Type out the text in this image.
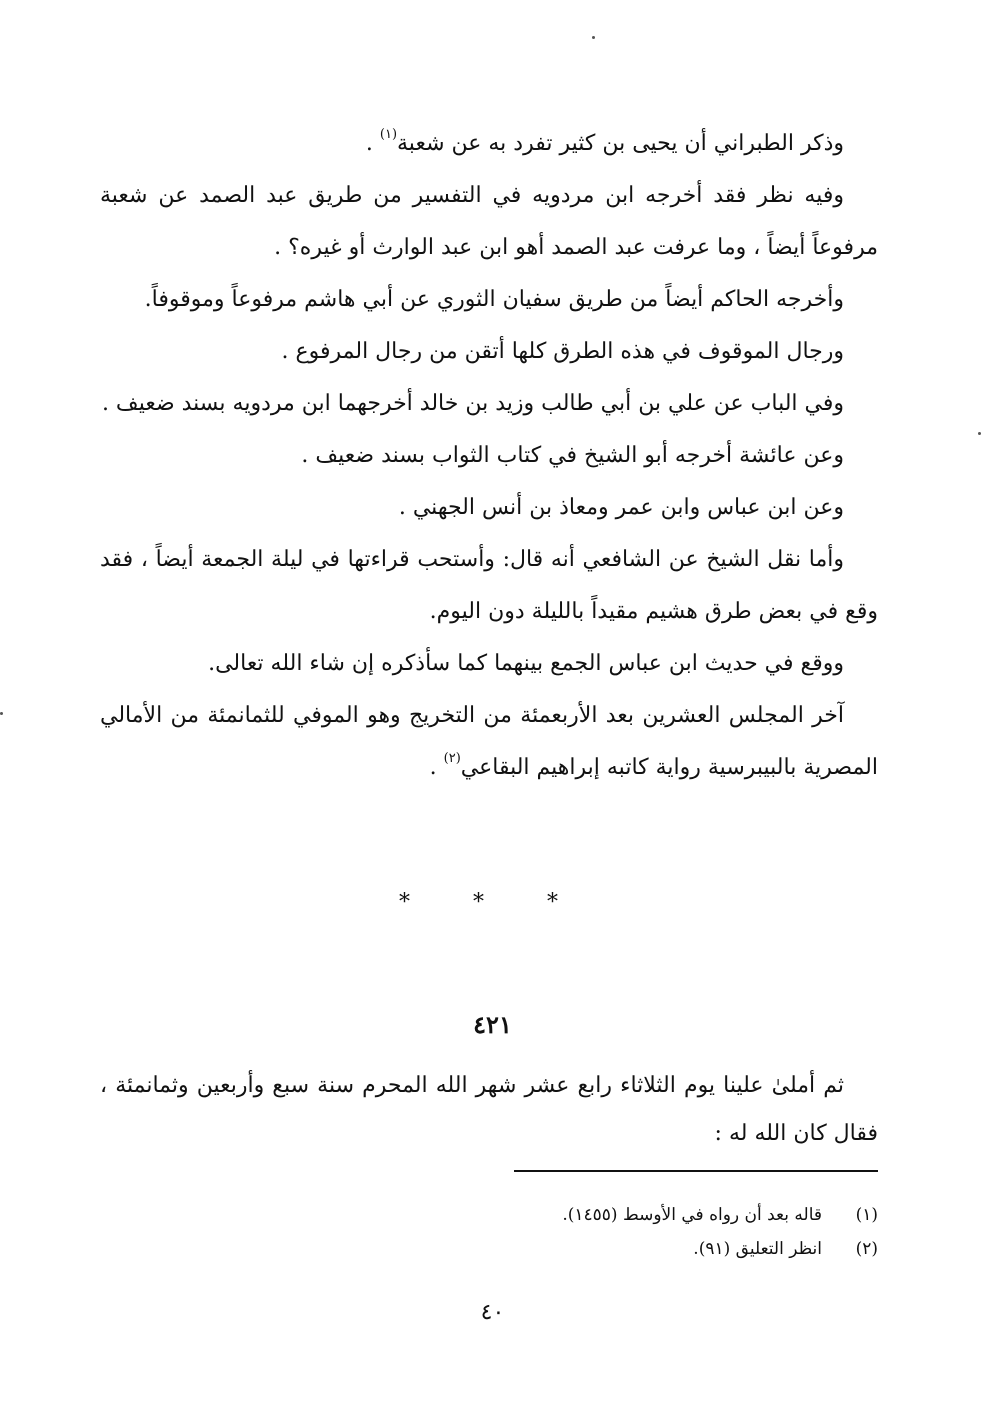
وذكر الطبراني أن يحيى بن كثير تفرد به عن شعبة$^{(١)}$ .

وفيه نظر فقد أخرجه ابن مردويه في التفسير من طريق عبد الصمد عن شعبة مرفوعاً أيضاً ، وما عرفت عبد الصمد أهو ابن عبد الوارث أو غيره؟ .

وأخرجه الحاكم أيضاً من طريق سفيان الثوري عن أبي هاشم مرفوعاً وموقوفاً.

ورجال الموقوف في هذه الطرق كلها أتقن من رجال المرفوع .

وفي الباب عن علي بن أبي طالب وزيد بن خالد أخرجهما ابن مردويه بسند ضعيف .

وعن عائشة أخرجه أبو الشيخ في كتاب الثواب بسند ضعيف .

وعن ابن عباس وابن عمر ومعاذ بن أنس الجهني .

وأما نقل الشيخ عن الشافعي أنه قال: وأستحب قراءتها في ليلة الجمعة أيضاً ، فقد وقع في بعض طرق هشيم مقيداً بالليلة دون اليوم.

ووقع في حديث ابن عباس الجمع بينهما كما سأذكره إن شاء الله تعالى.

آخر المجلس العشرين بعد الأربعمئة من التخريج وهو الموفي للثمانمئة من الأمالي المصرية بالبيبرسية رواية كاتبه إبراهيم البقاعي$^{(٢)}$ .

* * *
٤٢١

ثم أملىٰ علينا يوم الثلاثاء رابع عشر شهر الله المحرم سنة سبع وأربعين وثمانمئة ، فقال كان الله له :

(١)قاله بعد أن رواه في الأوسط (١٤٥٥).
(٢)انظر التعليق (٩١).
٤٠
